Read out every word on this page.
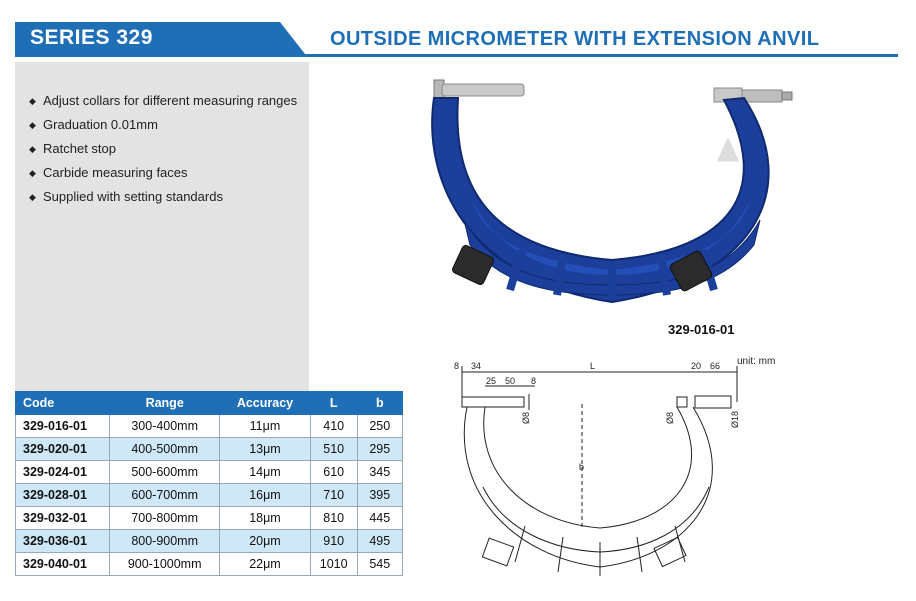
SERIES 329	OUTSIDE MICROMETER WITH EXTENSION ANVIL
◆ Adjust collars for different measuring ranges
◆ Graduation 0.01mm
◆ Ratchet stop
◆ Carbide measuring faces
◆ Supplied with setting standards
Code	Range	Accuracy	L	b
329-016-01	300-400mm	11μm	410	250
329-020-01	400-500mm	13μm	510	295
329-024-01	500-600mm	14μm	610	345
329-028-01	600-700mm	16μm	710	395
329-032-01	700-800mm	18μm	810	445
329-036-01	800-900mm	20μm	910	495
329-040-01	900-1000mm	22μm	1010	545
329-016-01
unit: mm
8 34	L	20 66
25 50 8
Ø8	Ø8	Ø18
b
